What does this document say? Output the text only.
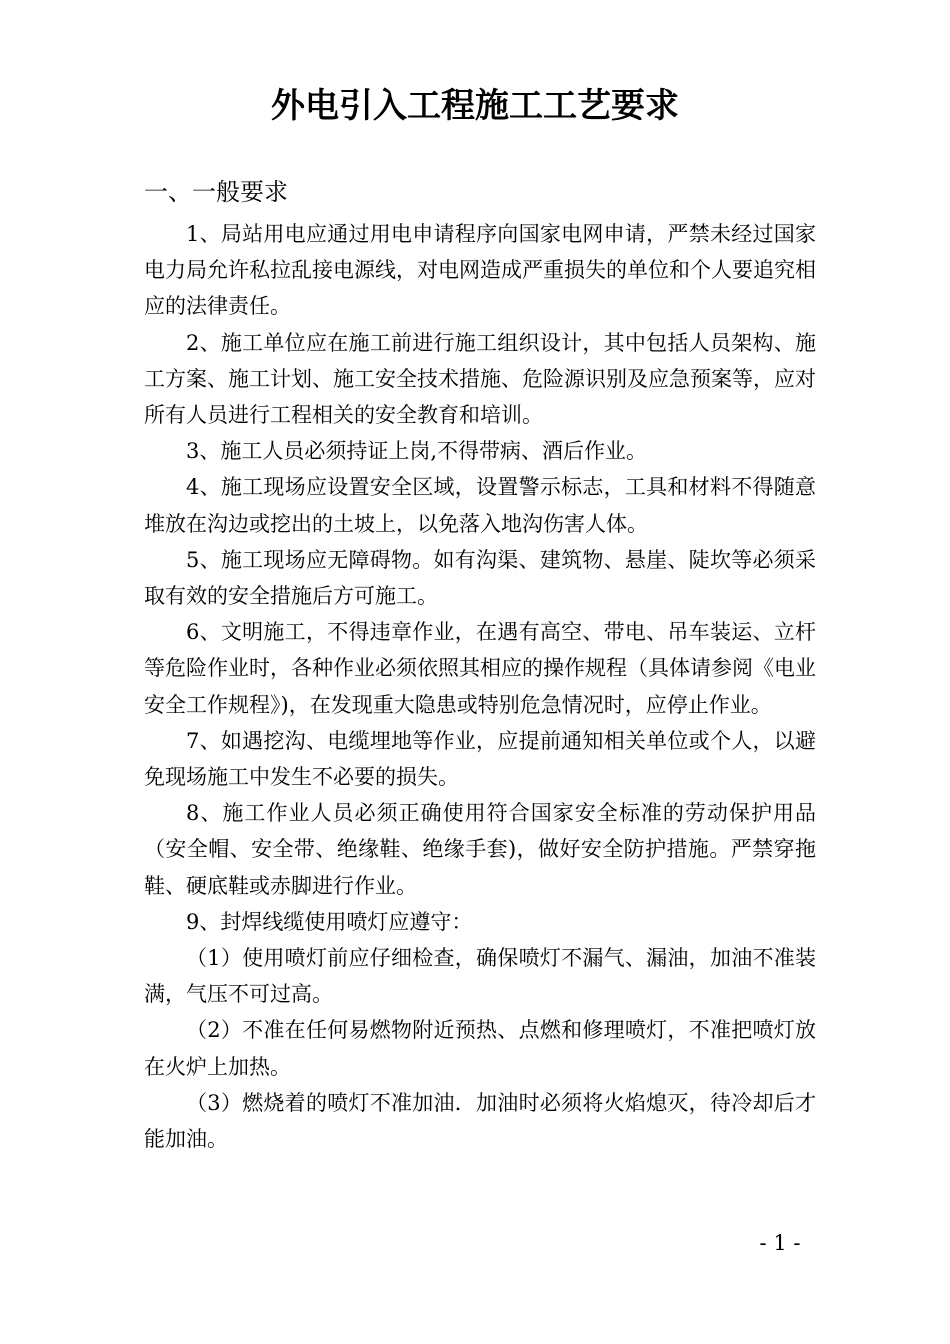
外电引入工程施工工艺要求
一、一般要求

1、局站用电应通过用电申请程序向国家电网申请，严禁未经过国家电力局允许私拉乱接电源线，对电网造成严重损失的单位和个人要追究相应的法律责任。

2、施工单位应在施工前进行施工组织设计，其中包括人员架构、施工方案、施工计划、施工安全技术措施、危险源识别及应急预案等，应对所有人员进行工程相关的安全教育和培训。

3、施工人员必须持证上岗,不得带病、酒后作业。

4、施工现场应设置安全区域，设置警示标志，工具和材料不得随意堆放在沟边或挖出的土坡上，以免落入地沟伤害人体。

5、施工现场应无障碍物。如有沟渠、建筑物、悬崖、陡坎等必须采取有效的安全措施后方可施工。

6、文明施工，不得违章作业，在遇有高空、带电、吊车装运、立杆等危险作业时，各种作业必须依照其相应的操作规程（具体请参阅《电业安全工作规程》)，在发现重大隐患或特别危急情况时，应停止作业。

7、如遇挖沟、电缆埋地等作业，应提前通知相关单位或个人，以避免现场施工中发生不必要的损失。

8、施工作业人员必须正确使用符合国家安全标准的劳动保护用品（安全帽、安全带、绝缘鞋、绝缘手套)，做好安全防护措施。严禁穿拖鞋、硬底鞋或赤脚进行作业。

9、封焊线缆使用喷灯应遵守：

（1）使用喷灯前应仔细检查，确保喷灯不漏气、漏油，加油不准装满，气压不可过高。

（2）不准在任何易燃物附近预热、点燃和修理喷灯，不准把喷灯放在火炉上加热。

（3）燃烧着的喷灯不准加油．加油时必须将火焰熄灭，待冷却后才能加油。

- 1 -
